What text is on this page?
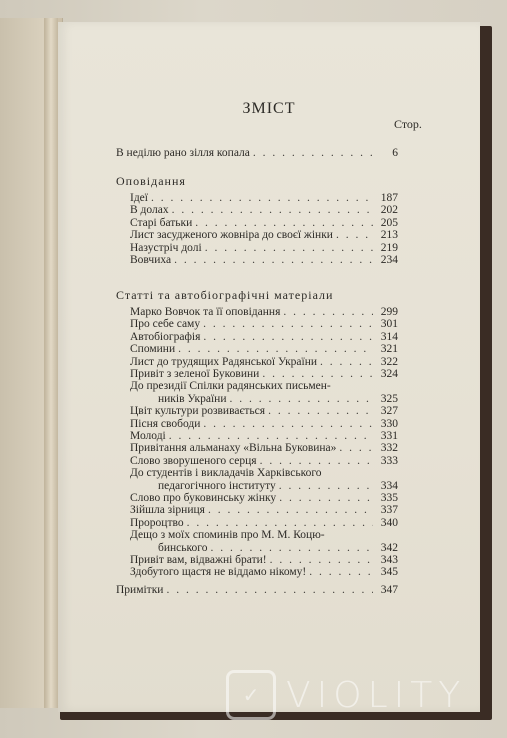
ЗМІСТ
Стор.
В неділю рано зілля копала . . .	6
Оповідання
Ідеї . . .	187
В долах . . .	202
Старі батьки . . .	205
Лист засудженого жовніра до своєї жінки . . .	213
Назустріч долі . . .	219
Вовчиха . . .	234
Статті та автобіографічні матеріали
Марко Вовчок та її оповідання . . .	299
Про себе саму . . .	301
Автобіографія . . .	314
Спомини . . .	321
Лист до трудящих Радянської України . . .	322
Привіт з зеленої Буковини . . .	324
До президії Спілки радянських письмен-
ників України . . .	325
Цвіт культури розвивається . . .	327
Пісня свободи . . .	330
Молоді . . .	331
Привітання альманаху «Вільна Буковина» . . .	332
Слово зворушеного серця . . .	333
До студентів і викладачів Харківського
педагогічного інституту . . .	334
Слово про буковинську жінку . . .	335
Зійшла зірниця . . .	337
Пророцтво . . .	340
Дещо з моїх споминів про М. М. Коцю-
бинського . . .	342
Привіт вам, відважні брати! . . .	343
Здобутого щастя не віддамо нікому! . . .	345
Примітки . . .	347
✓ VIOLITY
